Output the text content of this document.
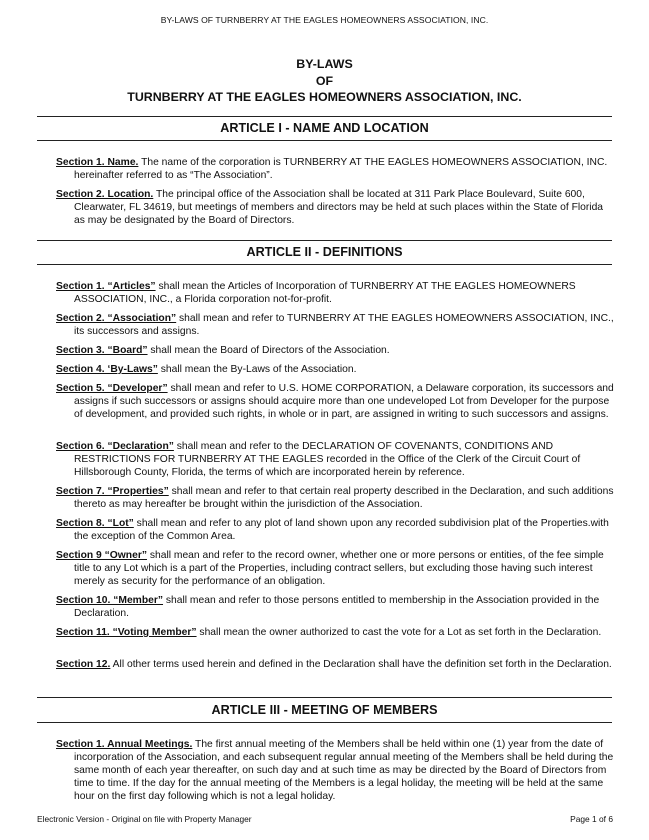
BY-LAWS OF TURNBERRY AT THE EAGLES HOMEOWNERS ASSOCIATION, INC.
BY-LAWS
OF
TURNBERRY AT THE EAGLES HOMEOWNERS ASSOCIATION, INC.
ARTICLE I - NAME AND LOCATION

Section 1. Name. The name of the corporation is TURNBERRY AT THE EAGLES HOMEOWNERS ASSOCIATION, INC. hereinafter referred to as “The Association”.

Section 2. Location. The principal office of the Association shall be located at 311 Park Place Boulevard, Suite 600, Clearwater, FL 34619, but meetings of members and directors may be held at such places within the State of Florida as may be designated by the Board of Directors.

ARTICLE II - DEFINITIONS

Section 1. “Articles” shall mean the Articles of Incorporation of TURNBERRY AT THE EAGLES HOMEOWNERS ASSOCIATION, INC., a Florida corporation not-for-profit.

Section 2. “Association” shall mean and refer to TURNBERRY AT THE EAGLES HOMEOWNERS ASSOCIATION, INC., its successors and assigns.

Section 3. “Board” shall mean the Board of Directors of the Association.

Section 4. ‘By-Laws” shall mean the By-Laws of the Association.

Section 5. “Developer” shall mean and refer to U.S. HOME CORPORATION, a Delaware corporation, its successors and assigns if such successors or assigns should acquire more than one undeveloped Lot from Developer for the purpose of development, and provided such rights, in whole or in part, are assigned in writing to such successors and assigns.

Section 6. “Declaration” shall mean and refer to the DECLARATION OF COVENANTS, CONDITIONS AND RESTRICTIONS FOR TURNBERRY AT THE EAGLES recorded in the Office of the Clerk of the Circuit Court of Hillsborough County, Florida, the terms of which are incorporated herein by reference.

Section 7. “Properties” shall mean and refer to that certain real property described in the Declaration, and such additions thereto as may hereafter be brought within the jurisdiction of the Association.

Section 8. “Lot” shall mean and refer to any plot of land shown upon any recorded subdivision plat of the Properties.with the exception of the Common Area.

Section 9 “Owner” shall mean and refer to the record owner, whether one or more persons or entities, of the fee simple title to any Lot which is a part of the Properties, including contract sellers, but excluding those having such interest merely as security for the performance of an obligation.

Section 10. “Member” shall mean and refer to those persons entitled to membership in the Association provided in the Declaration.

Section 11. “Voting Member” shall mean the owner authorized to cast the vote for a Lot as set forth in the Declaration.

Section 12. All other terms used herein and defined in the Declaration shall have the definition set forth in the Declaration.

ARTICLE III - MEETING OF MEMBERS

Section 1. Annual Meetings. The first annual meeting of the Members shall be held within one (1) year from the date of incorporation of the Association, and each subsequent regular annual meeting of the Members shall be held during the same month of each year thereafter, on such day and at such time as may be directed by the Board of Directors from time to time. If the day for the annual meeting of the Members is a legal holiday, the meeting will be held at the same hour on the first day following which is not a legal holiday.

Electronic Version - Original on file with Property Manager	Page 1 of 6
